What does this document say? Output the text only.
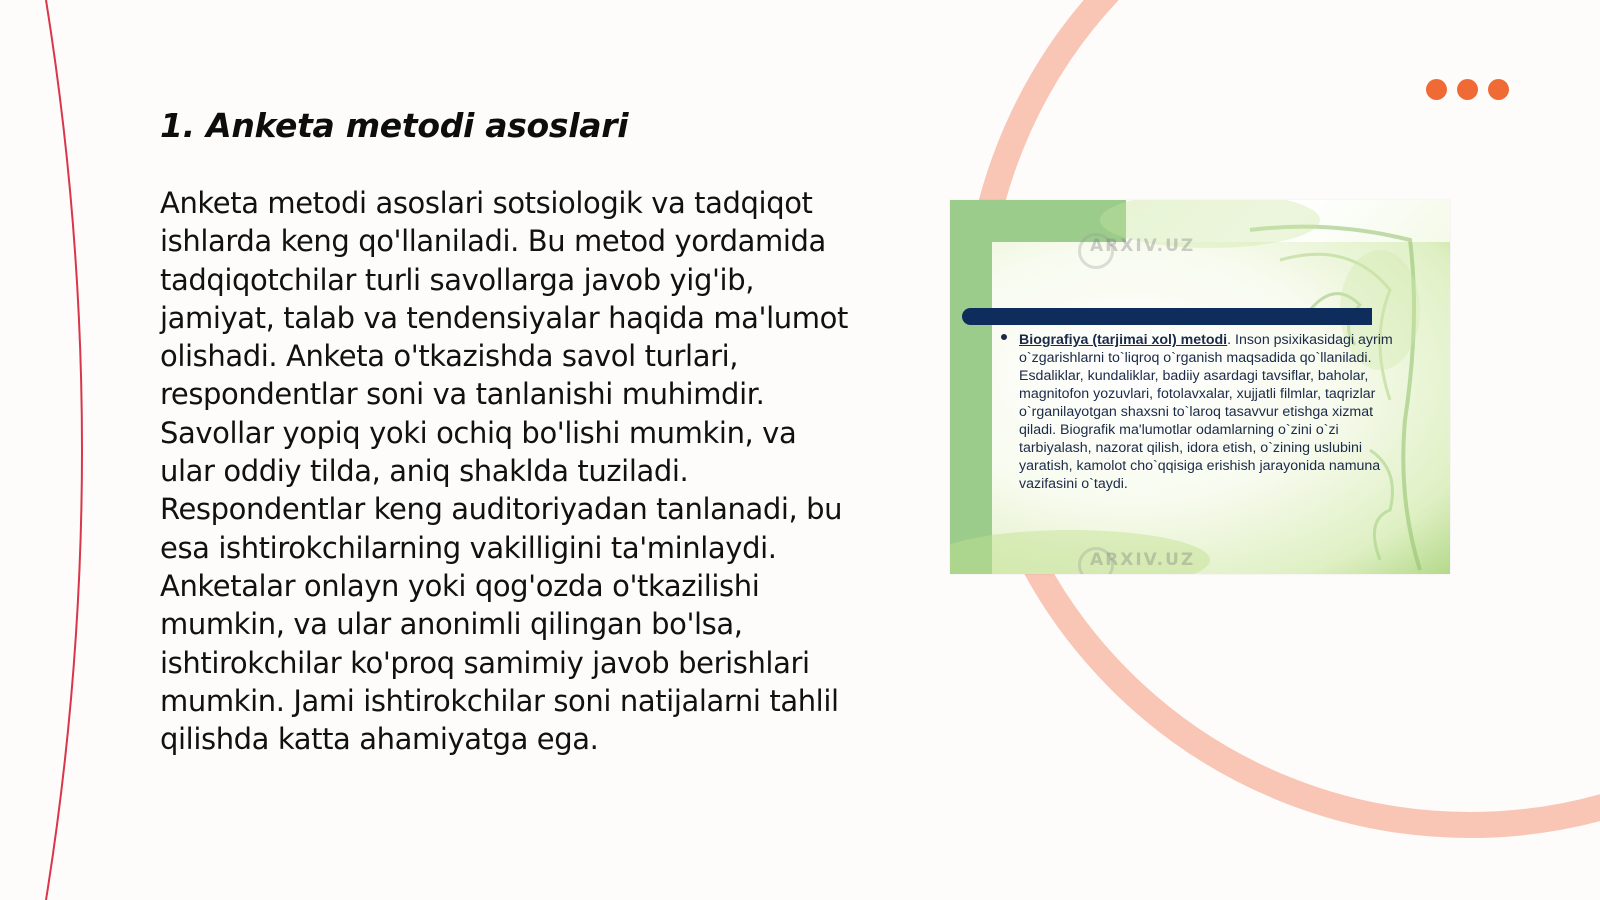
1. Anketa metodi asoslari

Anketa metodi asoslari sotsiologik va tadqiqot ishlarda keng qo'llaniladi. Bu metod yordamida tadqiqotchilar turli savollarga javob yig'ib, jamiyat, talab va tendensiyalar haqida ma'lumot olishadi. Anketa o'tkazishda savol turlari, respondentlar soni va tanlanishi muhimdir. Savollar yopiq yoki ochiq bo'lishi mumkin, va ular oddiy tilda, aniq shaklda tuziladi. Respondentlar keng auditoriyadan tanlanadi, bu esa ishtirokchilarning vakilligini ta'minlaydi. Anketalar onlayn yoki qog'ozda o'tkazilishi mumkin, va ular anonimli qilingan bo'lsa, ishtirokchilar ko'proq samimiy javob berishlari mumkin. Jami ishtirokchilar soni natijalarni tahlil qilishda katta ahamiyatga ega.

ARXIV.UZ
ARXIV.UZ
Biografiya (tarjimai xol) metodi. Inson psixikasidagi ayrim o`zgarishlarni to`liqroq o`rganish maqsadida qo`llaniladi. Esdaliklar, kundaliklar, badiiy asardagi tavsiflar, baholar, magnitofon yozuvlari, fotolavxalar, xujjatli filmlar, taqrizlar o`rganilayotgan shaxsni to`laroq tasavvur etishga xizmat qiladi. Biografik ma'lumotlar odamlarning o`zini o`zi tarbiyalash, nazorat qilish, idora etish, o`zining uslubini yaratish, kamolot cho`qqisiga erishish jarayonida namuna vazifasini o`taydi.
